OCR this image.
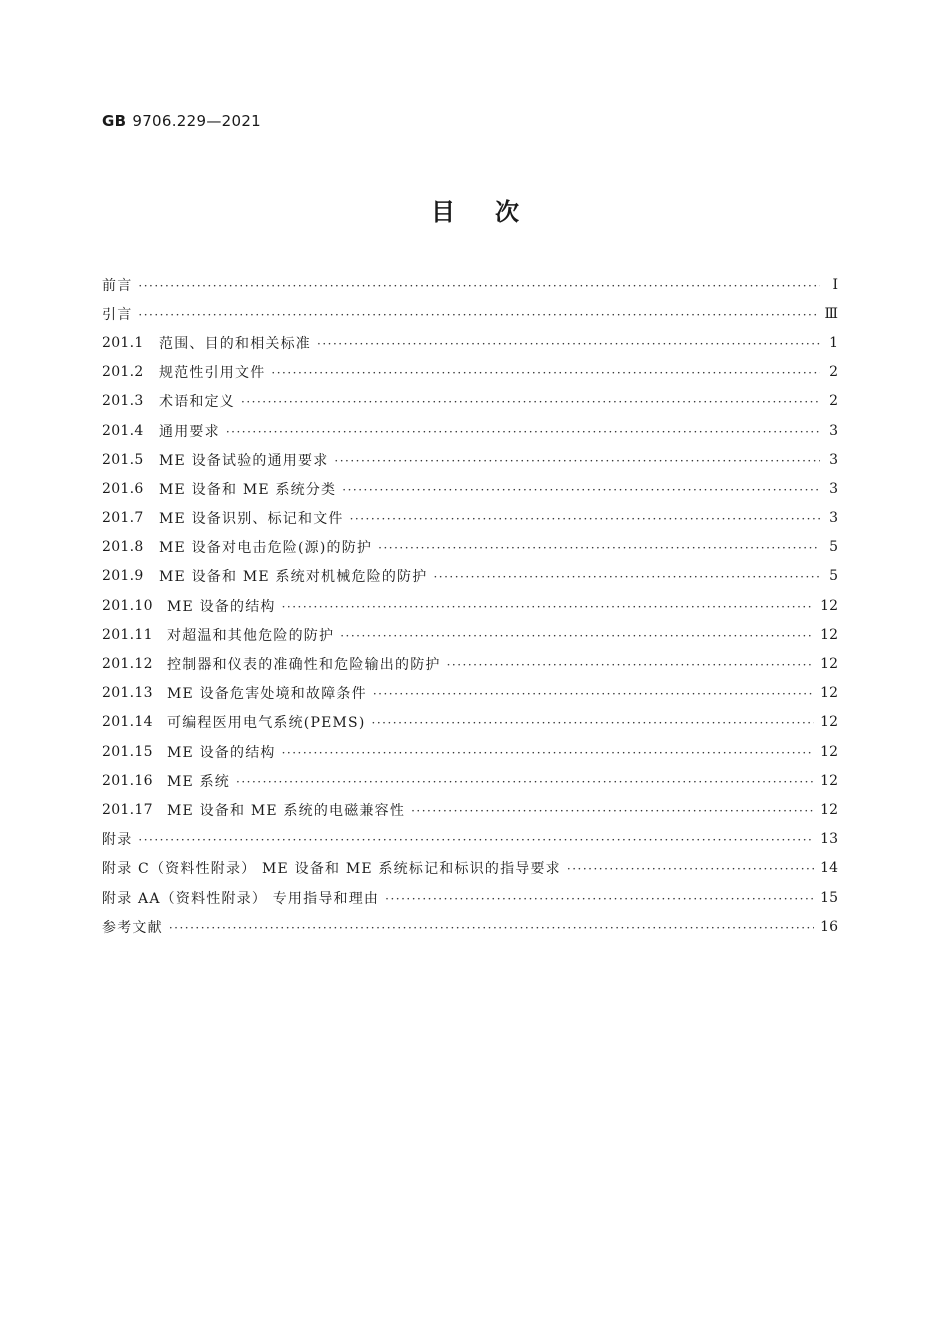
GB 9706.229—2021
目次
前言 ·····	Ⅰ
引言 ·····	Ⅲ
201.1	范围、目的和相关标准 ·····	1
201.2	规范性引用文件 ·····	2
201.3	术语和定义 ·····	2
201.4	通用要求 ·····	3
201.5	ME 设备试验的通用要求 ·····	3
201.6	ME 设备和 ME 系统分类 ·····	3
201.7	ME 设备识别、标记和文件 ·····	3
201.8	ME 设备对电击危险(源)的防护 ·····	5
201.9	ME 设备和 ME 系统对机械危险的防护 ·····	5
201.10	ME 设备的结构 ·····	12
201.11	对超温和其他危险的防护 ·····	12
201.12	控制器和仪表的准确性和危险输出的防护 ·····	12
201.13	ME 设备危害处境和故障条件 ·····	12
201.14	可编程医用电气系统(PEMS) ·····	12
201.15	ME 设备的结构 ·····	12
201.16	ME 系统 ·····	12
201.17	ME 设备和 ME 系统的电磁兼容性 ·····	12
附录 ·····	13
附录 C（资料性附录） ME 设备和 ME 系统标记和标识的指导要求 ·····	14
附录 AA（资料性附录） 专用指导和理由 ·····	15
参考文献 ·····	16
